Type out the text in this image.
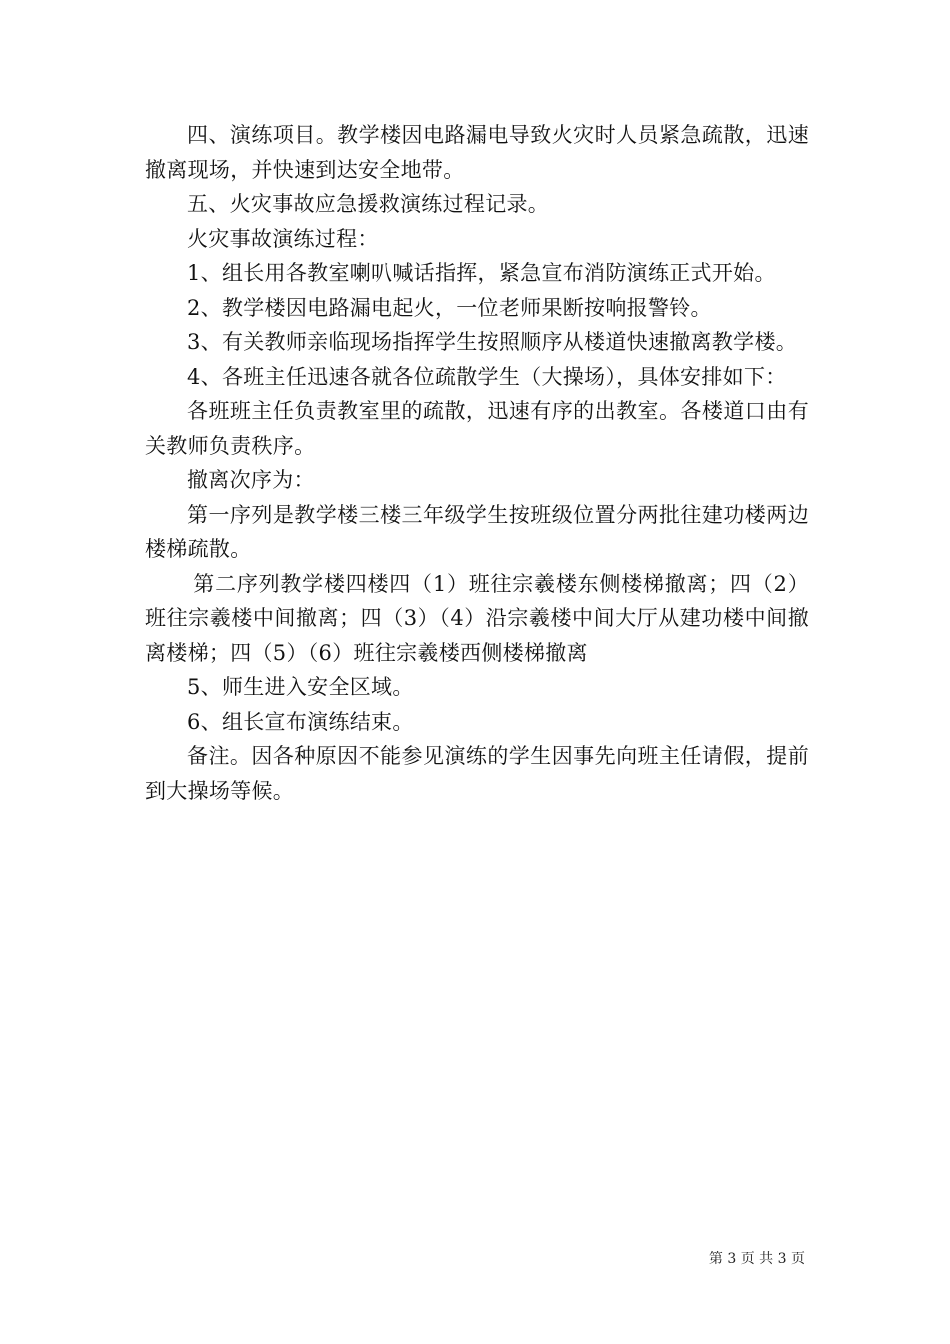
四、演练项目。教学楼因电路漏电导致火灾时人员紧急疏散，迅速撤离现场，并快速到达安全地带。

五、火灾事故应急援救演练过程记录。

火灾事故演练过程：

1、组长用各教室喇叭喊话指挥，紧急宣布消防演练正式开始。

2、教学楼因电路漏电起火，一位老师果断按响报警铃。

3、有关教师亲临现场指挥学生按照顺序从楼道快速撤离教学楼。

4、各班主任迅速各就各位疏散学生（大操场），具体安排如下：

各班班主任负责教室里的疏散，迅速有序的出教室。各楼道口由有关教师负责秩序。

撤离次序为：

第一序列是教学楼三楼三年级学生按班级位置分两批往建功楼两边楼梯疏散。

第二序列教学楼四楼四（1）班往宗羲楼东侧楼梯撤离；四（2）班往宗羲楼中间撤离；四（3）（4）沿宗羲楼中间大厅从建功楼中间撤离楼梯；四（5）（6）班往宗羲楼西侧楼梯撤离

5、师生进入安全区域。

6、组长宣布演练结束。

备注。因各种原因不能参见演练的学生因事先向班主任请假，提前到大操场等候。

第 3 页 共 3 页
